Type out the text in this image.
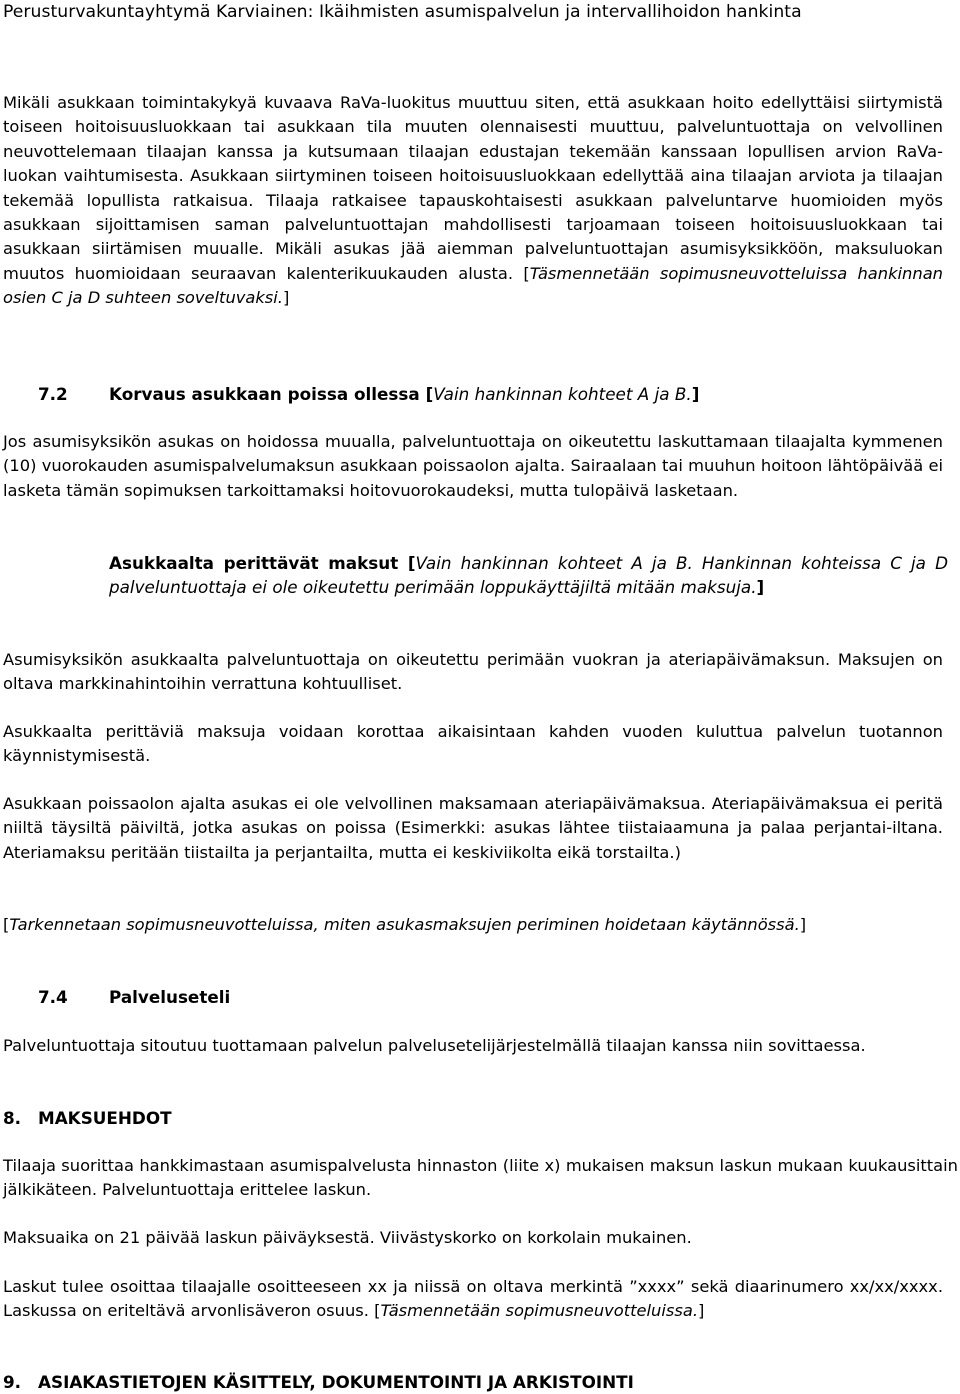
Perusturvakuntayhtymä Karviainen: Ikäihmisten asumispalvelun ja intervallihoidon hankinta
Mikäli asukkaan toimintakykyä kuvaava RaVa-luokitus muuttuu siten, että asukkaan hoito edellyttäisi siirtymistä toiseen hoitoisuusluokkaan tai asukkaan tila muuten olennaisesti muuttuu, palveluntuottaja on velvollinen neuvottelemaan tilaajan kanssa ja kutsumaan tilaajan edustajan tekemään kanssaan lopullisen arvion RaVa-luokan vaihtumisesta. Asukkaan siirtyminen toiseen hoitoisuusluokkaan edellyttää aina tilaajan arviota ja tilaajan tekemää lopullista ratkaisua. Tilaaja ratkaisee tapauskohtaisesti asukkaan palveluntarve huomioiden myös asukkaan sijoittamisen saman palveluntuottajan mahdollisesti tarjoamaan toiseen hoitoisuusluokkaan tai asukkaan siirtämisen muualle. Mikäli asukas jää aiemman palveluntuottajan asumisyksikköön, maksuluokan muutos huomioidaan seuraavan kalenterikuukauden alusta. [Täsmennetään sopimusneuvotteluissa hankinnan osien C ja D suhteen soveltuvaksi.]
7.2 Korvaus asukkaan poissa ollessa [Vain hankinnan kohteet A ja B.]
Jos asumisyksikön asukas on hoidossa muualla, palveluntuottaja on oikeutettu laskuttamaan tilaajalta kymmenen (10) vuorokauden asumispalvelumaksun asukkaan poissaolon ajalta. Sairaalaan tai muuhun hoitoon lähtöpäivää ei lasketa tämän sopimuksen tarkoittamaksi hoitovuorokaudeksi, mutta tulopäivä lasketaan.
Asukkaalta perittävät maksut [Vain hankinnan kohteet A ja B. Hankinnan kohteissa C ja D palveluntuottaja ei ole oikeutettu perimään loppukäyttäjiltä mitään maksuja.]
Asumisyksikön asukkaalta palveluntuottaja on oikeutettu perimään vuokran ja ateriapäivämaksun. Maksujen on oltava markkinahintoihin verrattuna kohtuulliset.
Asukkaalta perittäviä maksuja voidaan korottaa aikaisintaan kahden vuoden kuluttua palvelun tuotannon käynnistymisestä.
Asukkaan poissaolon ajalta asukas ei ole velvollinen maksamaan ateriapäivämaksua. Ateriapäivämaksua ei peritä niiltä täysiltä päiviltä, jotka asukas on poissa (Esimerkki: asukas lähtee tiistaiaamuna ja palaa perjantai-iltana. Ateriamaksu peritään tiistailta ja perjantailta, mutta ei keskiviikolta eikä torstailta.)
[Tarkennetaan sopimusneuvotteluissa, miten asukasmaksujen periminen hoidetaan käytännössä.]
7.4 Palveluseteli
Palveluntuottaja sitoutuu tuottamaan palvelun palvelusetelijärjestelmällä tilaajan kanssa niin sovittaessa.
8. MAKSUEHDOT
Tilaaja suorittaa hankkimastaan asumispalvelusta hinnaston (liite x) mukaisen maksun laskun mukaan kuukausittain jälkikäteen. Palveluntuottaja erittelee laskun.
Maksuaika on 21 päivää laskun päiväyksestä. Viivästyskorko on korkolain mukainen.
Laskut tulee osoittaa tilaajalle osoitteeseen xx ja niissä on oltava merkintä ”xxxx” sekä diaarinumero xx/xx/xxxx. Laskussa on eriteltävä arvonlisäveron osuus. [Täsmennetään sopimusneuvotteluissa.]
9. ASIAKASTIETOJEN KÄSITTELY, DOKUMENTOINTI JA ARKISTOINTI
